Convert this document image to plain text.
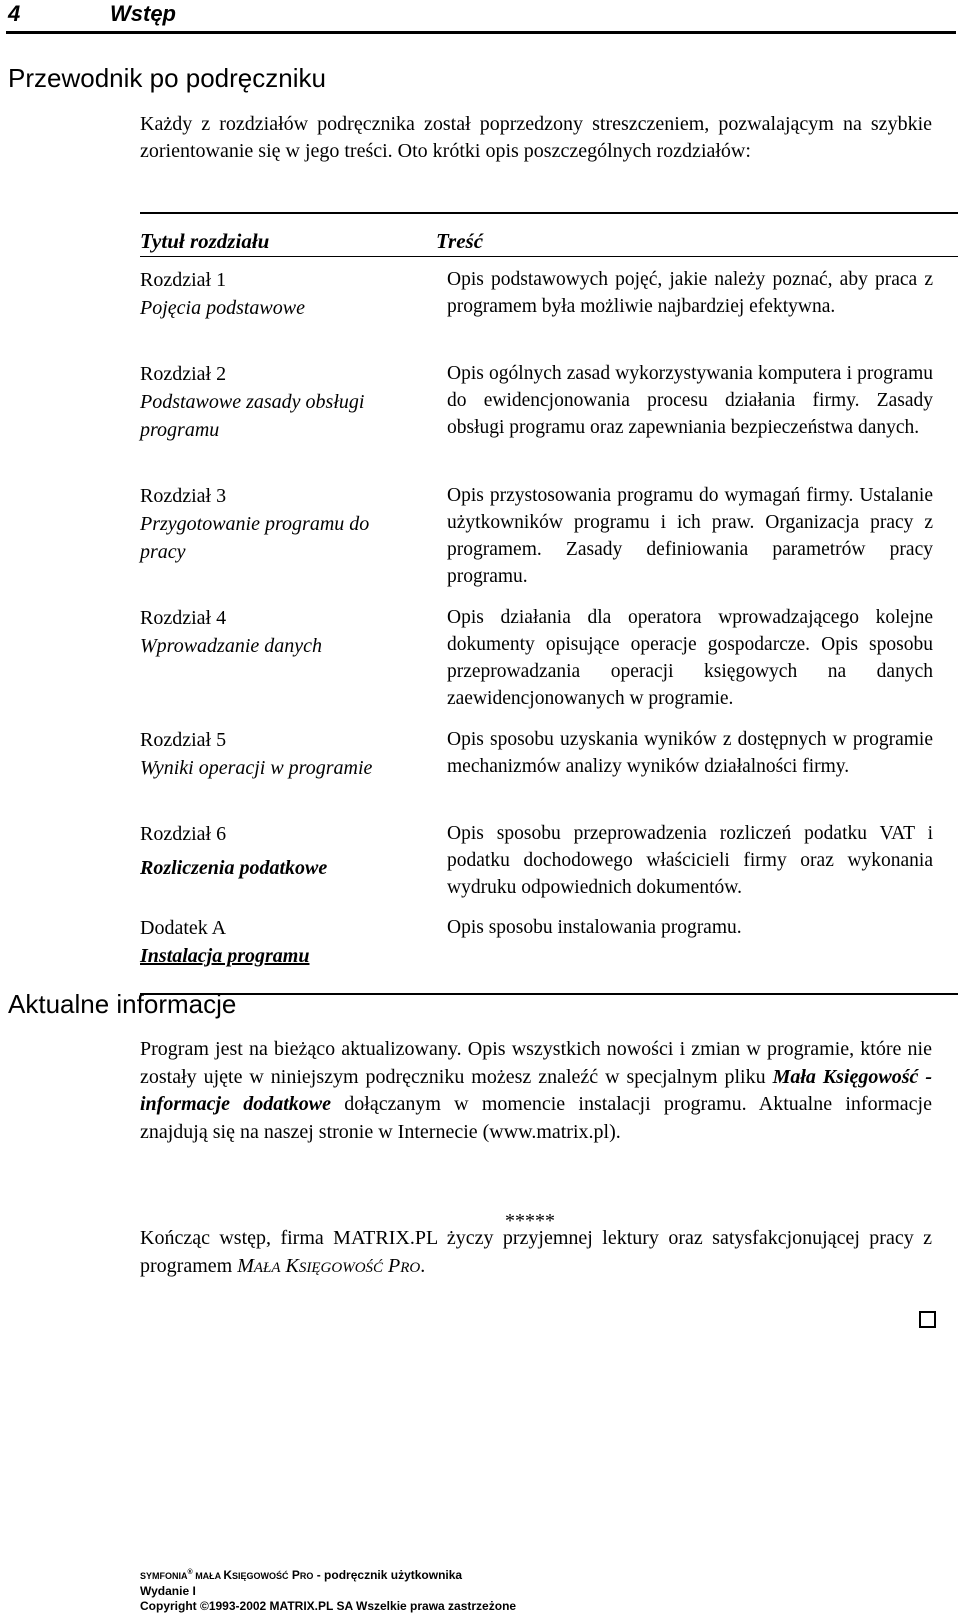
4	Wstęp
Przewodnik po podręczniku

Każdy z rozdziałów podręcznika został poprzedzony streszczeniem, pozwalającym na szybkie zorientowanie się w jego treści. Oto krótki opis poszczególnych rozdziałów:

Tytuł rozdziału	Treść
Rozdział 1
Pojęcia podstawowe

Opis podstawowych pojęć, jakie należy poznać, aby praca z programem była możliwie najbardziej efektywna.

Rozdział 2
Podstawowe zasady obsługi programu

Opis ogólnych zasad wykorzystywania komputera i programu do ewidencjonowania procesu działania firmy. Zasady obsługi programu oraz zapewniania bezpieczeństwa danych.

Rozdział 3
Przygotowanie programu do pracy

Opis przystosowania programu do wymagań firmy. Ustalanie użytkowników programu i ich praw. Organizacja pracy z programem. Zasady definiowania parametrów pracy programu.

Rozdział 4
Wprowadzanie danych

Opis działania dla operatora wprowadzającego kolejne dokumenty opisujące operacje gospodarcze. Opis sposobu przeprowadzania operacji księgowych na danych zaewidencjonowanych w programie.

Rozdział 5
Wyniki operacji w programie

Opis sposobu uzyskania wyników z dostępnych w programie mechanizmów analizy wyników działalności firmy.

Rozdział 6
Rozliczenia podatkowe

Opis sposobu przeprowadzenia rozliczeń podatku VAT i podatku dochodowego właścicieli firmy oraz wykonania wydruku odpowiednich dokumentów.

Dodatek A
Instalacja programu

Opis sposobu instalowania programu.

Aktualne informacje

Program jest na bieżąco aktualizowany. Opis wszystkich nowości i zmian w programie, które nie zostały ujęte w niniejszym podręczniku możesz znaleźć w specjalnym pliku Mała Księgowość - informacje dodatkowe dołączanym w momencie instalacji programu. Aktualne informacje znajdują się na naszej stronie w Internecie (www.matrix.pl).

*****

Kończąc wstęp, firma MATRIX.PL życzy przyjemnej lektury oraz satysfakcjonującej pracy z programem MAŁA KSIĘGOWOŚĆ PRO.

SYMFONIA® MAŁA KSIĘGOWOŚĆ PRO - podręcznik użytkownika
Wydanie I
Copyright ©1993-2002 MATRIX.PL SA Wszelkie prawa zastrzeżone
